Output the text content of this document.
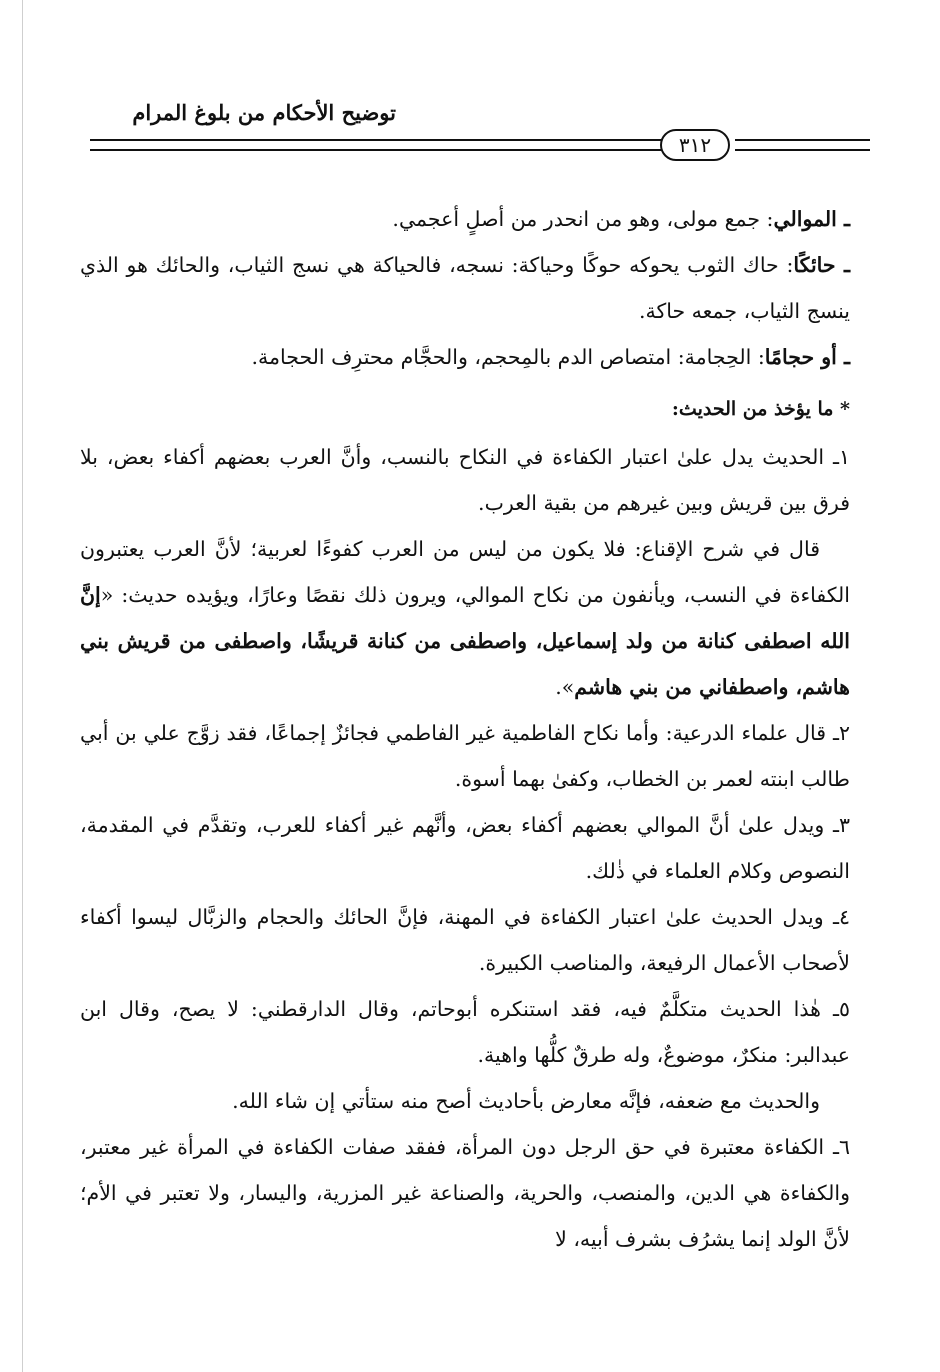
توضيح الأحكام من بلوغ المرام
٣١٢

ـ الموالي: جمع مولى، وهو من انحدر من أصلٍ أعجمي.

ـ حائكًا: حاك الثوب يحوكه حوكًا وحياكة: نسجه، فالحياكة هي نسج الثياب، والحائك هو الذي ينسج الثياب، جمعه حاكة.

ـ أو حجامًا: الحِجامة: امتصاص الدم بالمِحجم، والحجَّام محترِف الحجامة.

* ما يؤخذ من الحديث:

١ـ الحديث يدل علىٰ اعتبار الكفاءة في النكاح بالنسب، وأنَّ العرب بعضهم أكفاء بعض، بلا فرق بين قريش وبين غيرهم من بقية العرب.

قال في شرح الإقناع: فلا يكون من ليس من العرب كفوءًا لعربية؛ لأنَّ العرب يعتبرون الكفاءة في النسب، ويأنفون من نكاح الموالي، ويرون ذلك نقصًا وعارًا، ويؤيده حديث: «إنَّ الله اصطفى كنانة من ولد إسماعيل، واصطفى من كنانة قريشًا، واصطفى من قريش بني هاشم، واصطفاني من بني هاشم».

٢ـ قال علماء الدرعية: وأما نكاح الفاطمية غير الفاطمي فجائزٌ إجماعًا، فقد زوَّج علي بن أبي طالب ابنته لعمر بن الخطاب، وكفىٰ بهما أسوة.

٣ـ ويدل علىٰ أنَّ الموالي بعضهم أكفاء بعض، وأنَّهم غير أكفاء للعرب، وتقدَّم في المقدمة، النصوص وكلام العلماء في ذٰلك.

٤ـ ويدل الحديث علىٰ اعتبار الكفاءة في المهنة، فإنَّ الحائك والحجام والزبَّال ليسوا أكفاء لأصحاب الأعمال الرفيعة، والمناصب الكبيرة.

٥ـ هٰذا الحديث متكلَّمٌ فيه، فقد استنكره أبوحاتم، وقال الدارقطني: لا يصح، وقال ابن عبدالبر: منكرٌ، موضوعٌ، وله طرقٌ كلُّها واهية.

والحديث مع ضعفه، فإنَّه معارض بأحاديث أصح منه ستأتي إن شاء الله.

٦ـ الكفاءة معتبرة في حق الرجل دون المرأة، ففقد صفات الكفاءة في المرأة غير معتبر، والكفاءة هي الدين، والمنصب، والحرية، والصناعة غير المزرية، واليسار، ولا تعتبر في الأم؛ لأنَّ الولد إنما يشرُف بشرف أبيه، لا
